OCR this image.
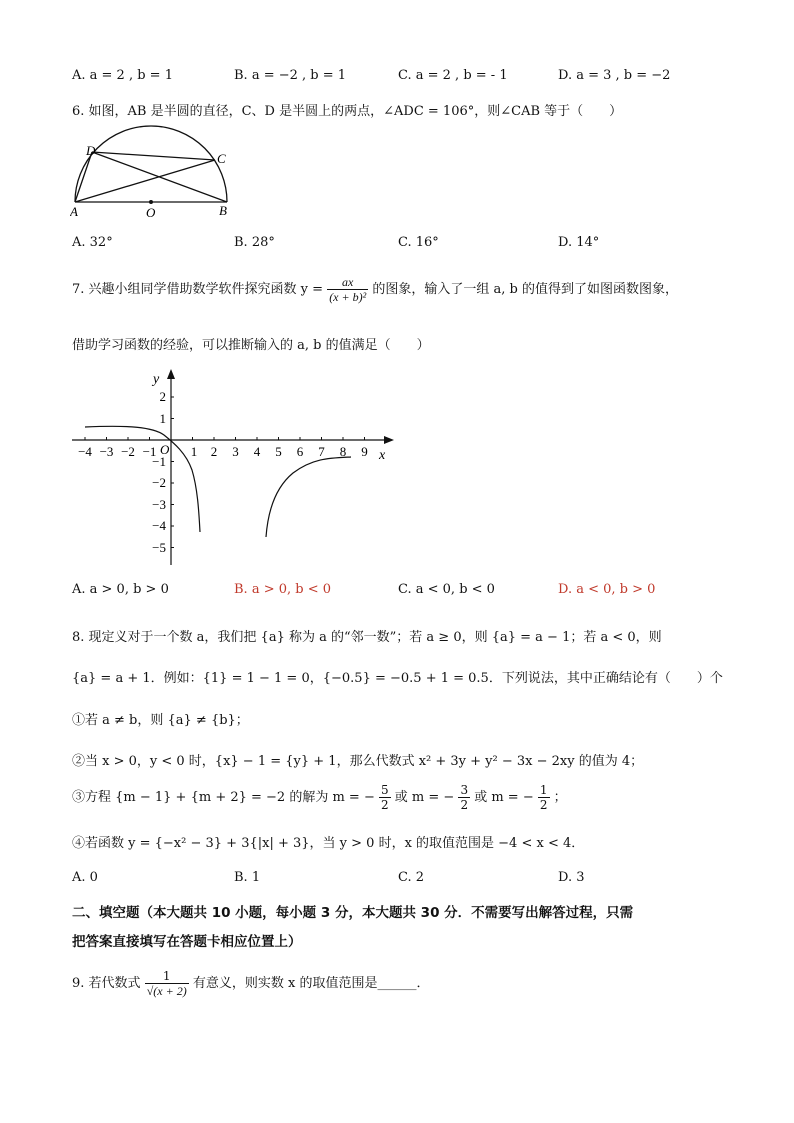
A. a = 2 , b = 1	B. a = −2 , b = 1	C. a = 2 , b = - 1	D. a = 3 , b = −2
6. 如图，AB 是半圆的直径，C、D 是半圆上的两点，∠ADC = 106°，则∠CAB 等于（　　）
D
C
A	B
O
A. 32°	B. 28°	C. 16°	D. 14°
7. 兴趣小组同学借助数学软件探究函数 $y = \frac{ax}{\text{(x + b)²}}$ 的图象，输入了一组 a, b 的值得到了如图函数图象，
借助学习函数的经验，可以推断输入的 a, b 的值满足（　　）
−4 −3 −2 −1	1 2 3 4 5 6 7 8 9
2
1
−1
−2
−3
−4
−5
O	x
y
A. a > 0, b > 0	B. a > 0, b < 0	C. a < 0, b < 0	D. a < 0, b > 0
8. 现定义对于一个数 a，我们把 {a} 称为 a 的“邻一数”；若 a ≥ 0，则 {a} = a − 1；若 a < 0，则
{a} = a + 1．例如：{1} = 1 − 1 = 0，{−0.5} = −0.5 + 1 = 0.5．下列说法，其中正确结论有（　　）个
①若 a ≠ b，则 {a} ≠ {b}；
②当 x > 0，y < 0 时，{x} − 1 = {y} + 1，那么代数式 x² + 3y + y² − 3x − 2xy 的值为 4；
③方程 {m − 1} + {m + 2} = −2 的解为 m = − $\frac{5}{2}$ 或 m = − $\frac{3}{2}$ 或 m = − $\frac{1}{2}$ ；
④若函数 y = {−x² − 3} + 3{|x| + 3}，当 y > 0 时，x 的取值范围是 −4 < x < 4．
A. 0	B. 1	C. 2	D. 3
二、填空题（本大题共 10 小题，每小题 3 分，本大题共 30 分．不需要写出解答过程，只需
把答案直接填写在答题卡相应位置上）
9. 若代数式 $\frac{1}{√(x + 2)}$ 有意义，则实数 x 的取值范围是______．
